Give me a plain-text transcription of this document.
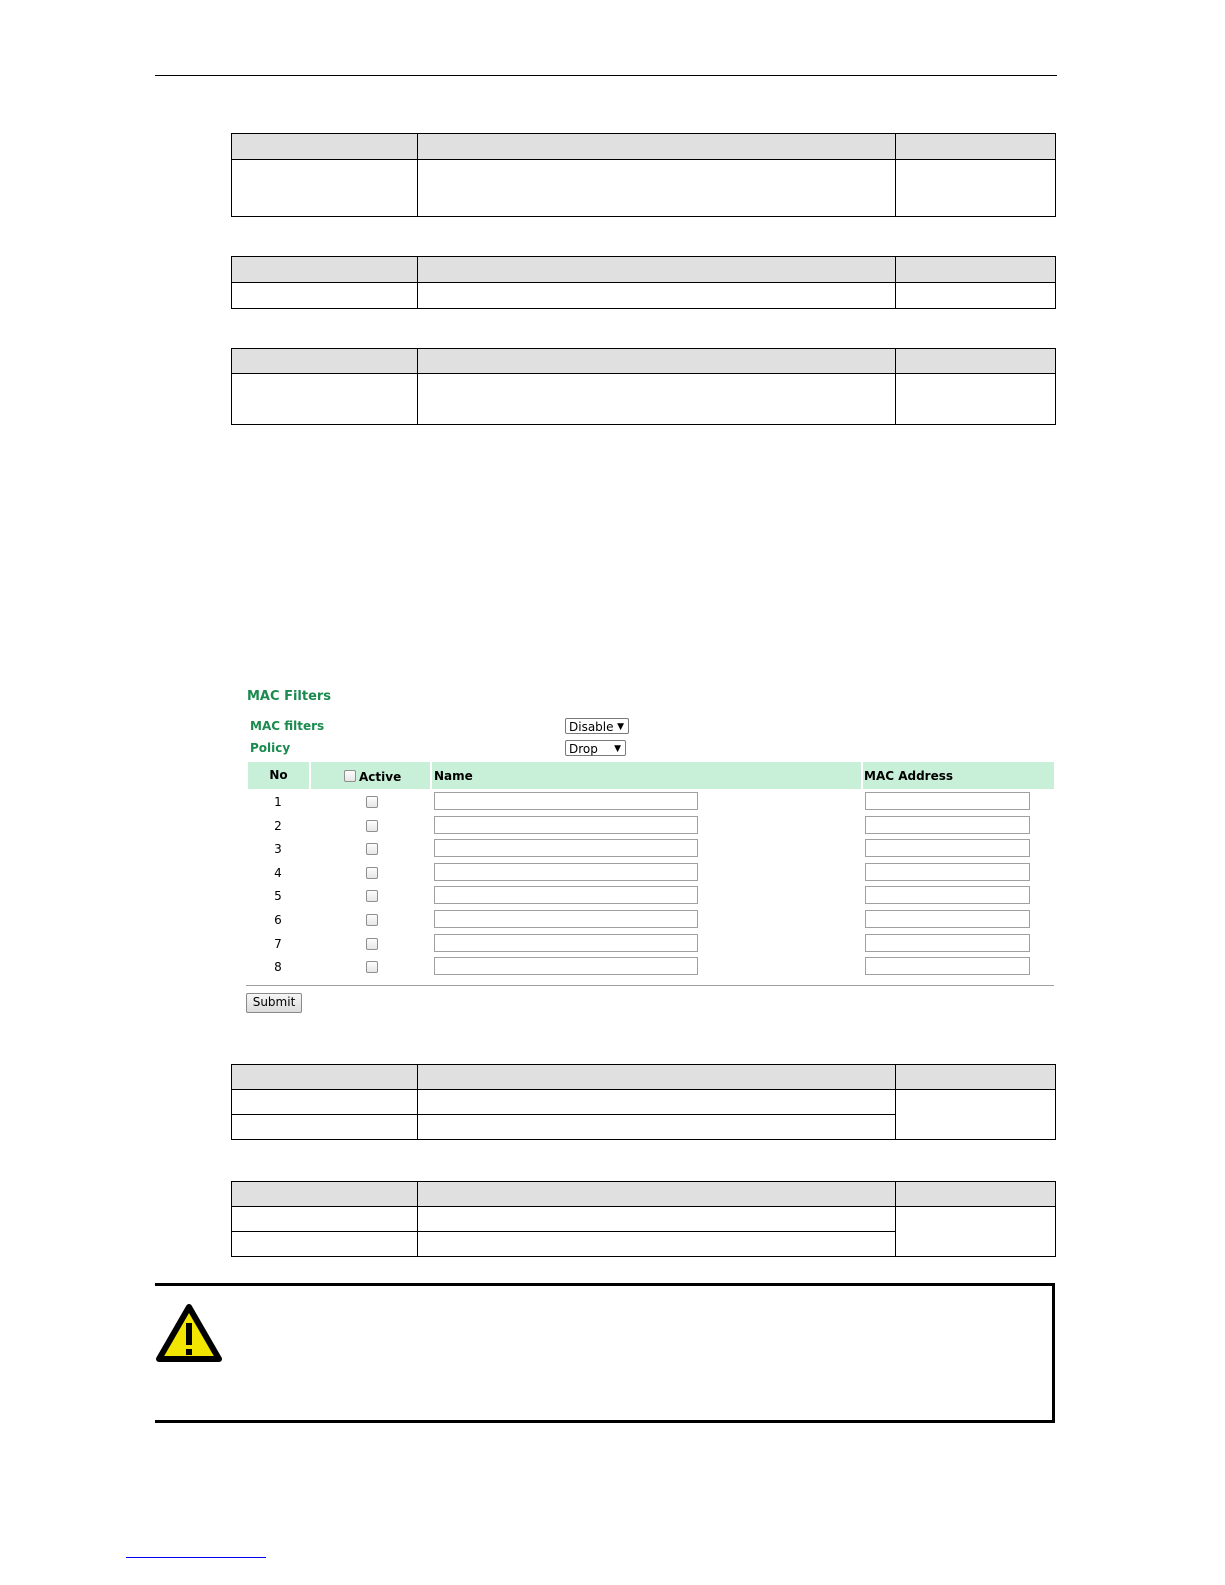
MAC Filters
MAC filters	Disable ▼
Policy	Drop ▼
No	Active	Name	MAC Address
1
2
3
4
5
6
7
8
Submit
